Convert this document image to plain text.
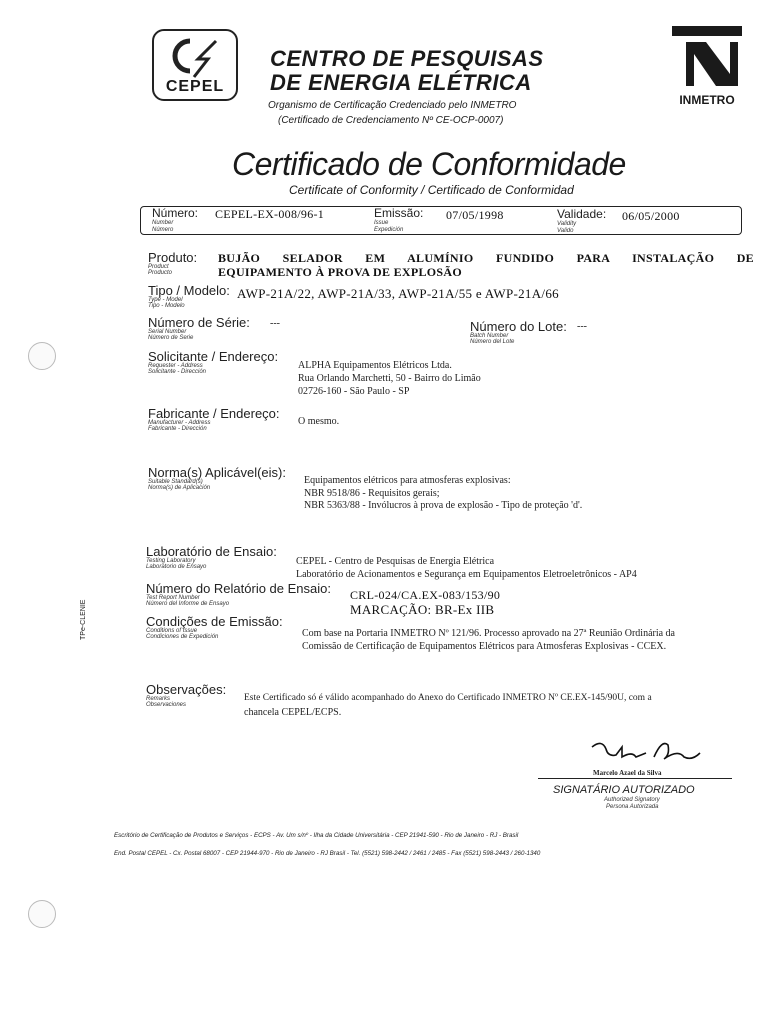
CEPEL
CENTRO DE PESQUISAS
DE ENERGIA ELÉTRICA
Organismo de Certificação Credenciado pelo INMETRO
(Certificado de Credenciamento Nº CE-OCP-0007)
INMETRO
Certificado de Conformidade
Certificate of Conformity / Certificado de Conformidad
Número:
Number
Número
CEPEL-EX-008/96-1	Emissão:
Issue
Expedición
07/05/1998	Validade:
Validity
Valido
06/05/2000
Produto:
Product
Producto
BUJÃO SELADOR EM ALUMÍNIO FUNDIDO PARA INSTALAÇÃO DE
EQUIPAMENTO À PROVA DE EXPLOSÃO
Tipo / Modelo:
Type - Model
Tipo - Modelo
AWP-21A/22, AWP-21A/33, AWP-21A/55 e AWP-21A/66
Número de Série:
Serial Number
Número de Serie
---	Número do Lote:
Batch Number
Número del Lote
---
Solicitante / Endereço:
Requester - Address
Solicitante - Dirección
ALPHA Equipamentos Elétricos Ltda.
Rua Orlando Marchetti, 50 - Bairro do Limão
02726-160 - São Paulo - SP
Fabricante / Endereço:
Manufacturer - Address
Fabricante - Dirección
O mesmo.
Norma(s) Aplicável(eis):
Suitable Standard(s)
Norma(s) de Aplicación
Equipamentos elétricos para atmosferas explosivas:
NBR 9518/86 - Requisitos gerais;
NBR 5363/88 - Invólucros à prova de explosão - Tipo de proteção 'd'.
TPe-CLENIE
Laboratório de Ensaio:
Testing Laboratory
Laboratorio de Ensayo	CEPEL - Centro de Pesquisas de Energia Elétrica
Laboratório de Acionamentos e Segurança em Equipamentos Eletroeletrônicos - AP4
Número do Relatório de Ensaio:
Test Report Number
Número del Informe de Ensayo
CRL-024/CA.EX-083/153/90
MARCAÇÃO: BR-Ex IIB
Condições de Emissão:
Conditions of Issue
Condiciones de Expedición	Com base na Portaria INMETRO Nº 121/96. Processo aprovado na 27ª Reunião Ordinária da
Comissão de Certificação de Equipamentos Elétricos para Atmosferas Explosivas - CCEX.
Observações:
Remarks
Observaciones
Este Certificado só é válido acompanhado do Anexo do Certificado INMETRO Nº CE.EX-145/90U, com a
chancela CEPEL/ECPS.
Marcelo Azael da Silva
SIGNATÁRIO AUTORIZADO
Authorized Signatory
Persona Autorizada
Escritório de Certificação de Produtos e Serviços - ECPS - Av. Um s/nº - Ilha da Cidade Universitária - CEP 21941-590 - Rio de Janeiro - RJ - Brasil
End. Postal CEPEL - Cx. Postal 68007 - CEP 21944-970 - Rio de Janeiro - RJ Brasil - Tel. (5521) 598-2442 / 2461 / 2485 - Fax (5521) 598-2443 / 260-1340
